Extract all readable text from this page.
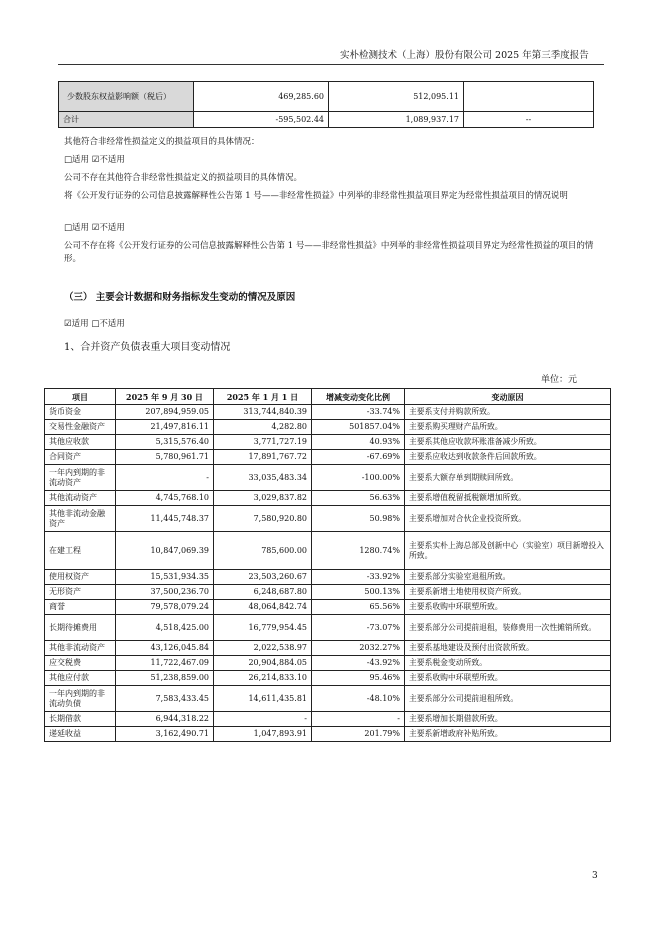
实朴检测技术（上海）股份有限公司 2025 年第三季度报告
少数股东权益影响额（税后）	469,285.60	512,095.11	
合计	-595,502.44	1,089,937.17	--
其他符合非经常性损益定义的损益项目的具体情况：
□适用 ☑不适用
公司不存在其他符合非经常性损益定义的损益项目的具体情况。
将《公开发行证券的公司信息披露解释性公告第 1 号——非经常性损益》中列举的非经常性损益项目界定为经常性损益项目的情况说明
□适用 ☑不适用
公司不存在将《公开发行证券的公司信息披露解释性公告第 1 号——非经常性损益》中列举的非经常性损益项目界定为经常性损益的项目的情形。
（三） 主要会计数据和财务指标发生变动的情况及原因
☑适用 □不适用
1、合并资产负债表重大项目变动情况
单位：元
项目	2025 年 9 月 30 日	2025 年 1 月 1 日	增减变动变化比例	变动原因
货币资金	207,894,959.05	313,744,840.39	-33.74%	主要系支付并购款所致。
交易性金融资产	21,497,816.11	4,282.80	501857.04%	主要系购买理财产品所致。
其他应收款	5,315,576.40	3,771,727.19	40.93%	主要系其他应收款坏账准备减少所致。
合同资产	5,780,961.71	17,891,767.72	-67.69%	主要系应收达到收款条件后回款所致。
一年内到期的非流动资产	-	33,035,483.34	-100.00%	主要系大额存单到期赎回所致。
其他流动资产	4,745,768.10	3,029,837.82	56.63%	主要系增值税留抵税额增加所致。
其他非流动金融资产	11,445,748.37	7,580,920.80	50.98%	主要系增加对合伙企业投资所致。
在建工程	10,847,069.39	785,600.00	1280.74%	主要系实朴上海总部及创新中心（实验室）项目新增投入所致。
使用权资产	15,531,934.35	23,503,260.67	-33.92%	主要系部分实验室退租所致。
无形资产	37,500,236.70	6,248,687.80	500.13%	主要系新增土地使用权资产所致。
商誉	79,578,079.24	48,064,842.74	65.56%	主要系收购中环联塑所致。
长期待摊费用	4,518,425.00	16,779,954.45	-73.07%	主要系部分公司提前退租，装修费用一次性摊销所致。
其他非流动资产	43,126,045.84	2,022,538.97	2032.27%	主要系基地建设及预付出资款所致。
应交税费	11,722,467.09	20,904,884.05	-43.92%	主要系税金变动所致。
其他应付款	51,238,859.00	26,214,833.10	95.46%	主要系收购中环联塑所致。
一年内到期的非流动负债	7,583,433.45	14,611,435.81	-48.10%	主要系部分公司提前退租所致。
长期借款	6,944,318.22	-	-	主要系增加长期借款所致。
递延收益	3,162,490.71	1,047,893.91	201.79%	主要系新增政府补贴所致。
3
